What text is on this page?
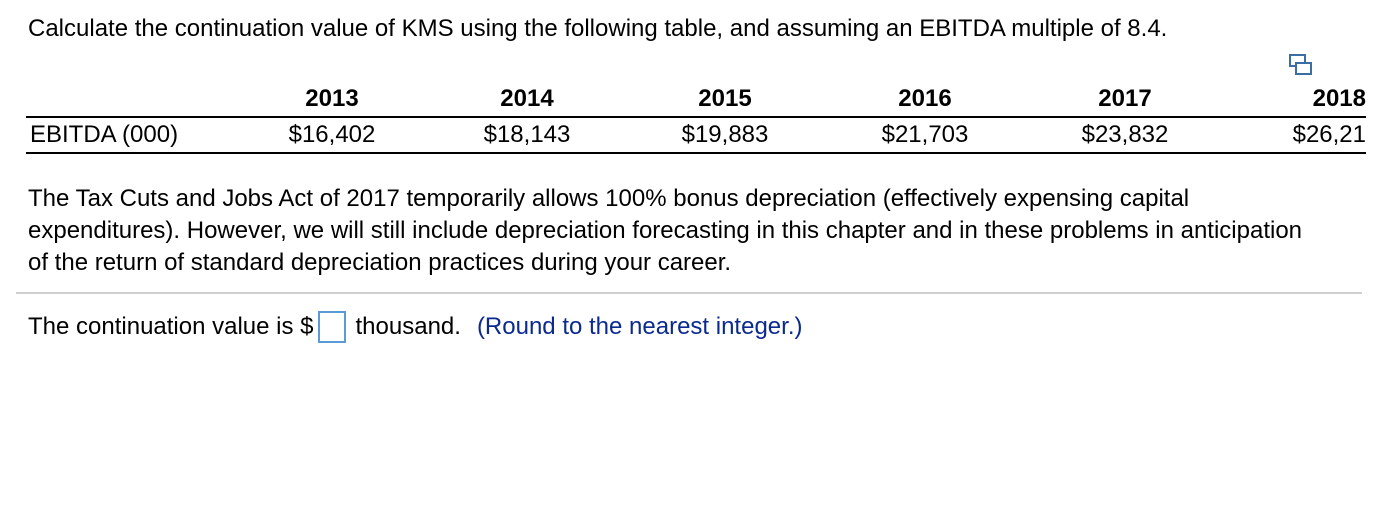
Calculate the continuation value of KMS using the following table, and assuming an EBITDA multiple of 8.4.
	2013	2014	2015	2016	2017	2018
EBITDA (000)	$16,402	$18,143	$19,883	$21,703	$23,832	$26,21
The Tax Cuts and Jobs Act of 2017 temporarily allows 100% bonus depreciation (effectively expensing capital expenditures). However, we will still include depreciation forecasting in this chapter and in these problems in anticipation of the return of standard depreciation practices during your career.
The continuation value is $ thousand. (Round to the nearest integer.)
